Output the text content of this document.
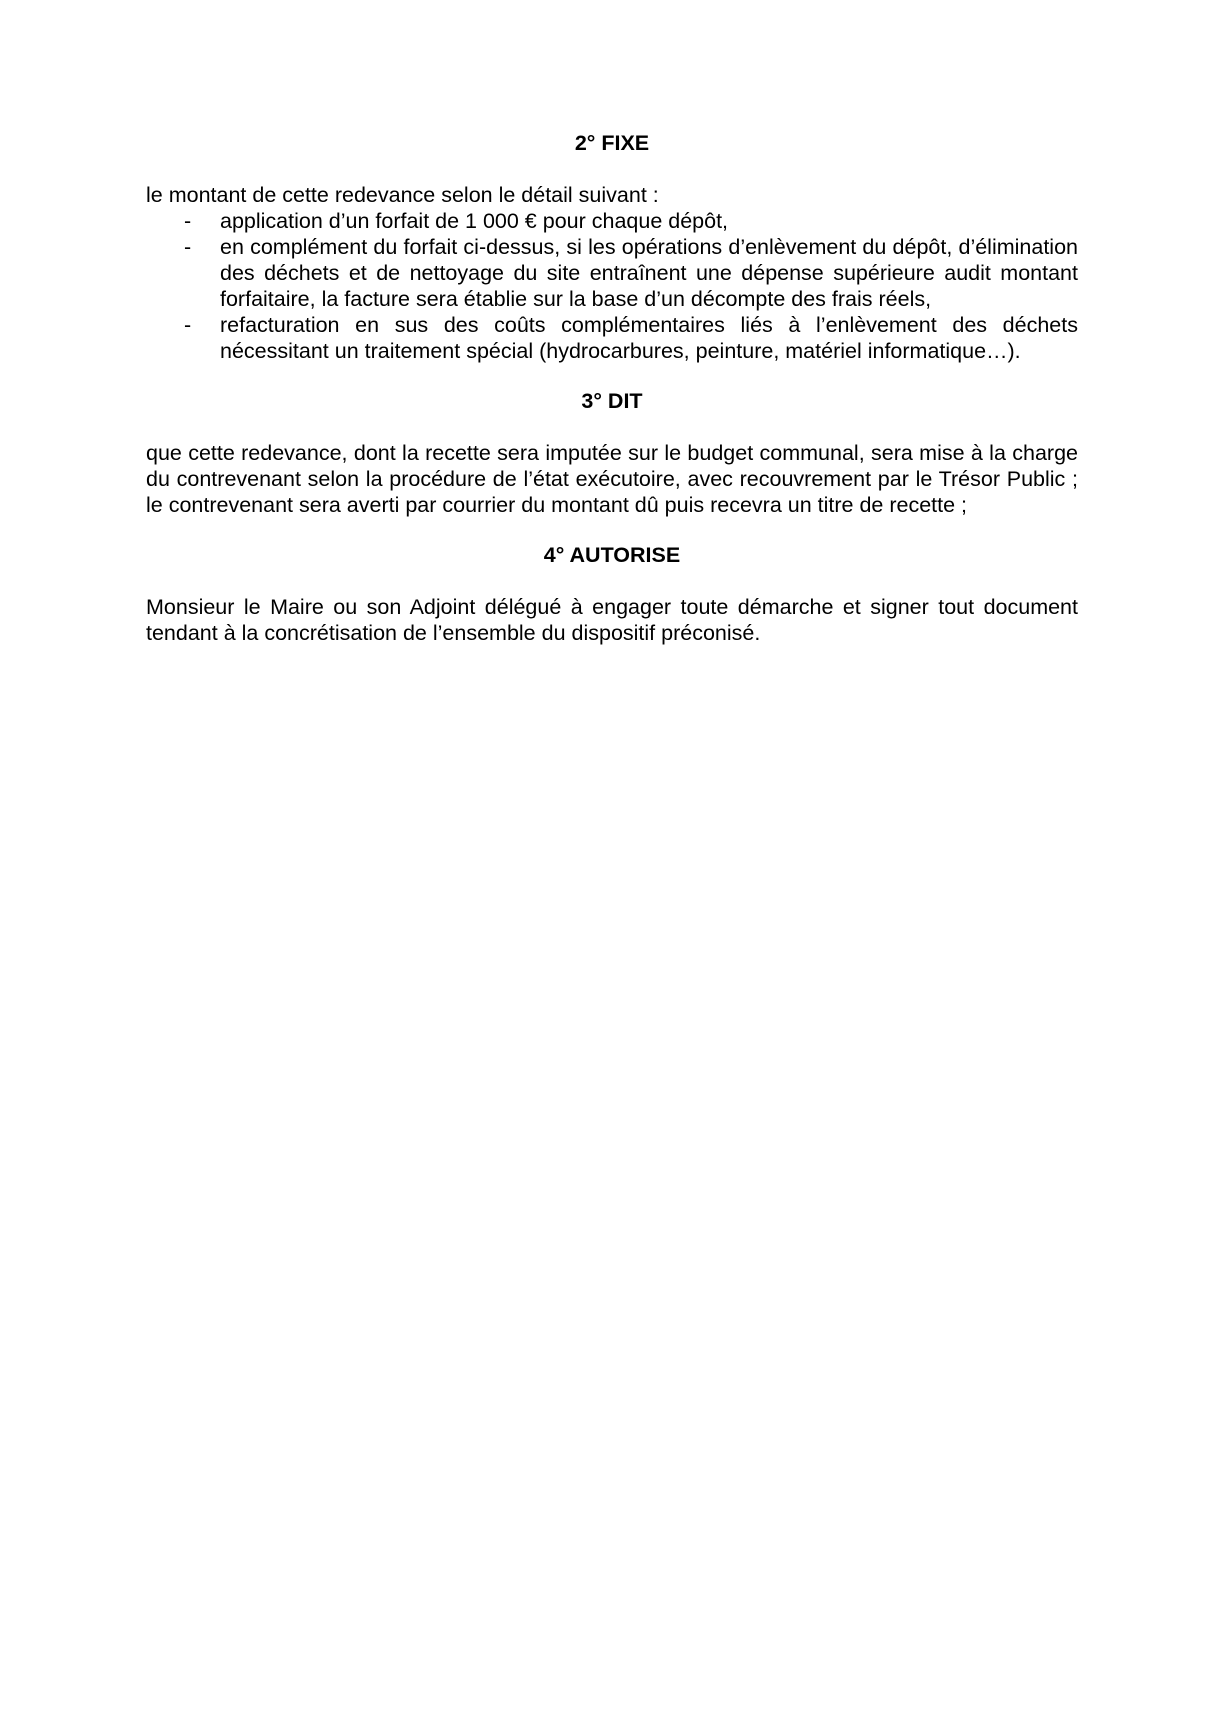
2° FIXE

le montant de cette redevance selon le détail suivant :

-	application d’un forfait de 1 000 € pour chaque dépôt,
-	en complément du forfait ci-dessus, si les opérations d’enlèvement du dépôt, d’élimination des déchets et de nettoyage du site entraînent une dépense supérieure audit montant forfaitaire, la facture sera établie sur la base d’un décompte des frais réels,
-	refacturation en sus des coûts complémentaires liés à l’enlèvement des déchets nécessitant un traitement spécial (hydrocarbures, peinture, matériel informatique…).

3° DIT

que cette redevance, dont la recette sera imputée sur le budget communal, sera mise à la charge du contrevenant selon la procédure de l’état exécutoire, avec recouvrement par le Trésor Public ; le contrevenant sera averti par courrier du montant dû puis recevra un titre de recette ;

4° AUTORISE

Monsieur le Maire ou son Adjoint délégué à engager toute démarche et signer tout document tendant à la concrétisation de l’ensemble du dispositif préconisé.
